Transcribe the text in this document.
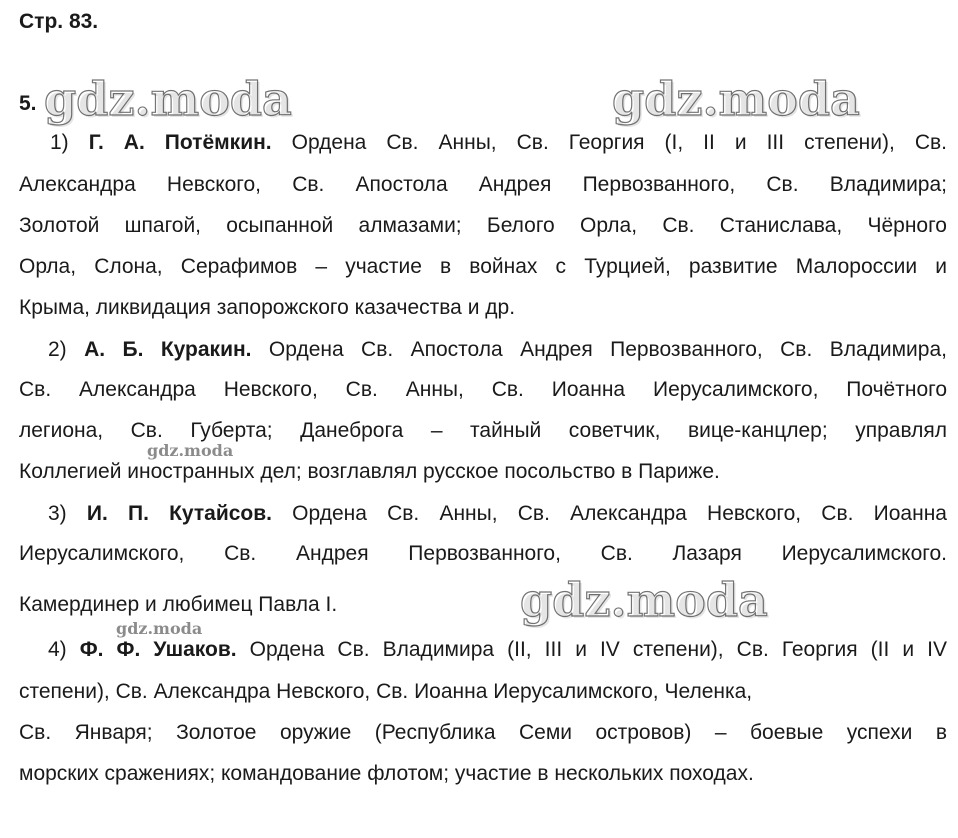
Стр. 83.
5. gdz.moda	gdz.moda
gdz.moda
gdz.moda
gdz.moda
1) Г. А. Потёмкин. Ордена Св. Анны, Св. Георгия (I, II и III степени), Св.
Александра Невского, Св. Апостола Андрея Первозванного, Св. Владимира;
Золотой шпагой, осыпанной алмазами; Белого Орла, Св. Станислава, Чёрного
Орла, Слона, Серафимов – участие в войнах с Турцией, развитие Малороссии и
Крыма, ликвидация запорожского казачества и др.
2) А. Б. Куракин. Ордена Св. Апостола Андрея Первозванного, Св. Владимира,
Св. Александра Невского, Св. Анны, Св. Иоанна Иерусалимского, Почётного
легиона, Св. Губерта; Данеброга – тайный советчик, вице-канцлер; управлял
Коллегией иностранных дел; возглавлял русское посольство в Париже.
3) И. П. Кутайсов. Ордена Св. Анны, Св. Александра Невского, Св. Иоанна
Иерусалимского, Св. Андрея Первозванного, Св. Лазаря Иерусалимского.
Камердинер и любимец Павла I.
4) Ф. Ф. Ушаков. Ордена Св. Владимира (II, III и IV степени), Св. Георгия (II и IV
степени), Св. Александра Невского, Св. Иоанна Иерусалимского, Челенка,
Св. Января; Золотое оружие (Республика Семи островов) – боевые успехи в
морских сражениях; командование флотом; участие в нескольких походах.
